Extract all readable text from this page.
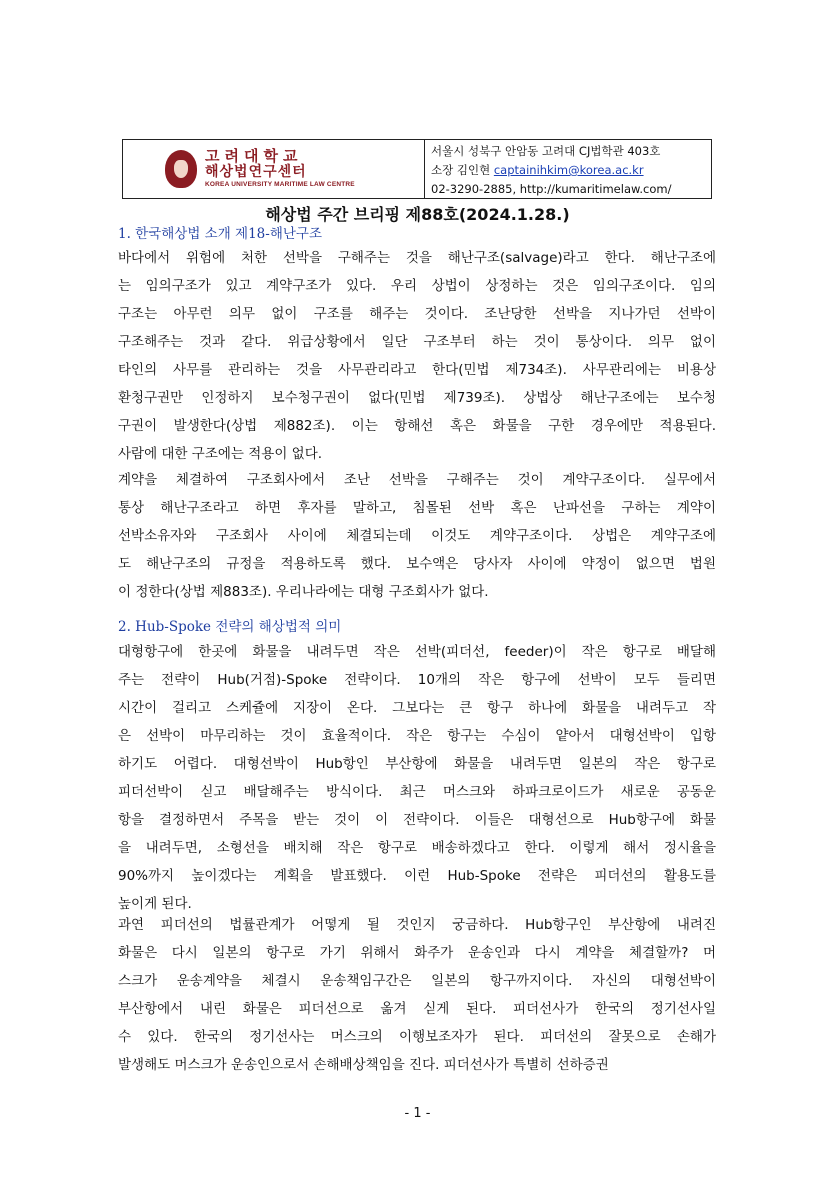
고려대학교
해상법연구센터
KOREA UNIVERSITY MARITIME LAW CENTRE
서울시 성북구 안암동 고려대 CJ법학관 403호
소장 김인현 captainihkim@korea.ac.kr
02-3290-2885, http://kumaritimelaw.com/
해상법 주간 브리핑 제88호(2024.1.28.)
1. 한국해상법 소개 제18-해난구조
바다에서 위험에 처한 선박을 구해주는 것을 해난구조(salvage)라고 한다. 해난구조에
는 임의구조가 있고 계약구조가 있다. 우리 상법이 상정하는 것은 임의구조이다. 임의
구조는 아무런 의무 없이 구조를 해주는 것이다. 조난당한 선박을 지나가던 선박이
구조해주는 것과 같다. 위급상황에서 일단 구조부터 하는 것이 통상이다. 의무 없이
타인의 사무를 관리하는 것을 사무관리라고 한다(민법 제734조). 사무관리에는 비용상
환청구권만 인정하지 보수청구권이 없다(민법 제739조). 상법상 해난구조에는 보수청
구권이 발생한다(상법 제882조). 이는 항해선 혹은 화물을 구한 경우에만 적용된다.
사람에 대한 구조에는 적용이 없다.
계약을 체결하여 구조회사에서 조난 선박을 구해주는 것이 계약구조이다. 실무에서
통상 해난구조라고 하면 후자를 말하고, 침몰된 선박 혹은 난파선을 구하는 계약이
선박소유자와 구조회사 사이에 체결되는데 이것도 계약구조이다. 상법은 계약구조에
도 해난구조의 규정을 적용하도록 했다. 보수액은 당사자 사이에 약정이 없으면 법원
이 정한다(상법 제883조). 우리나라에는 대형 구조회사가 없다.
2. Hub-Spoke 전략의 해상법적 의미
대형항구에 한곳에 화물을 내려두면 작은 선박(피더선, feeder)이 작은 항구로 배달해
주는 전략이 Hub(거점)-Spoke 전략이다. 10개의 작은 항구에 선박이 모두 들리면
시간이 걸리고 스케쥴에 지장이 온다. 그보다는 큰 항구 하나에 화물을 내려두고 작
은 선박이 마무리하는 것이 효율적이다. 작은 항구는 수심이 얕아서 대형선박이 입항
하기도 어렵다. 대형선박이 Hub항인 부산항에 화물을 내려두면 일본의 작은 항구로
피더선박이 싣고 배달해주는 방식이다. 최근 머스크와 하파크로이드가 새로운 공동운
항을 결정하면서 주목을 받는 것이 이 전략이다. 이들은 대형선으로 Hub항구에 화물
을 내려두면, 소형선을 배치해 작은 항구로 배송하겠다고 한다. 이렇게 해서 정시율을
90%까지 높이겠다는 계획을 발표했다. 이런 Hub-Spoke 전략은 피더선의 활용도를
높이게 된다.
과연 피더선의 법률관계가 어떻게 될 것인지 궁금하다. Hub항구인 부산항에 내려진
화물은 다시 일본의 항구로 가기 위해서 화주가 운송인과 다시 계약을 체결할까? 머
스크가 운송계약을 체결시 운송책임구간은 일본의 항구까지이다. 자신의 대형선박이
부산항에서 내린 화물은 피더선으로 옮겨 싣게 된다. 피더선사가 한국의 정기선사일
수 있다. 한국의 정기선사는 머스크의 이행보조자가 된다. 피더선의 잘못으로 손해가
발생해도 머스크가 운송인으로서 손해배상책임을 진다. 피더선사가 특별히 선하증권
- 1 -
